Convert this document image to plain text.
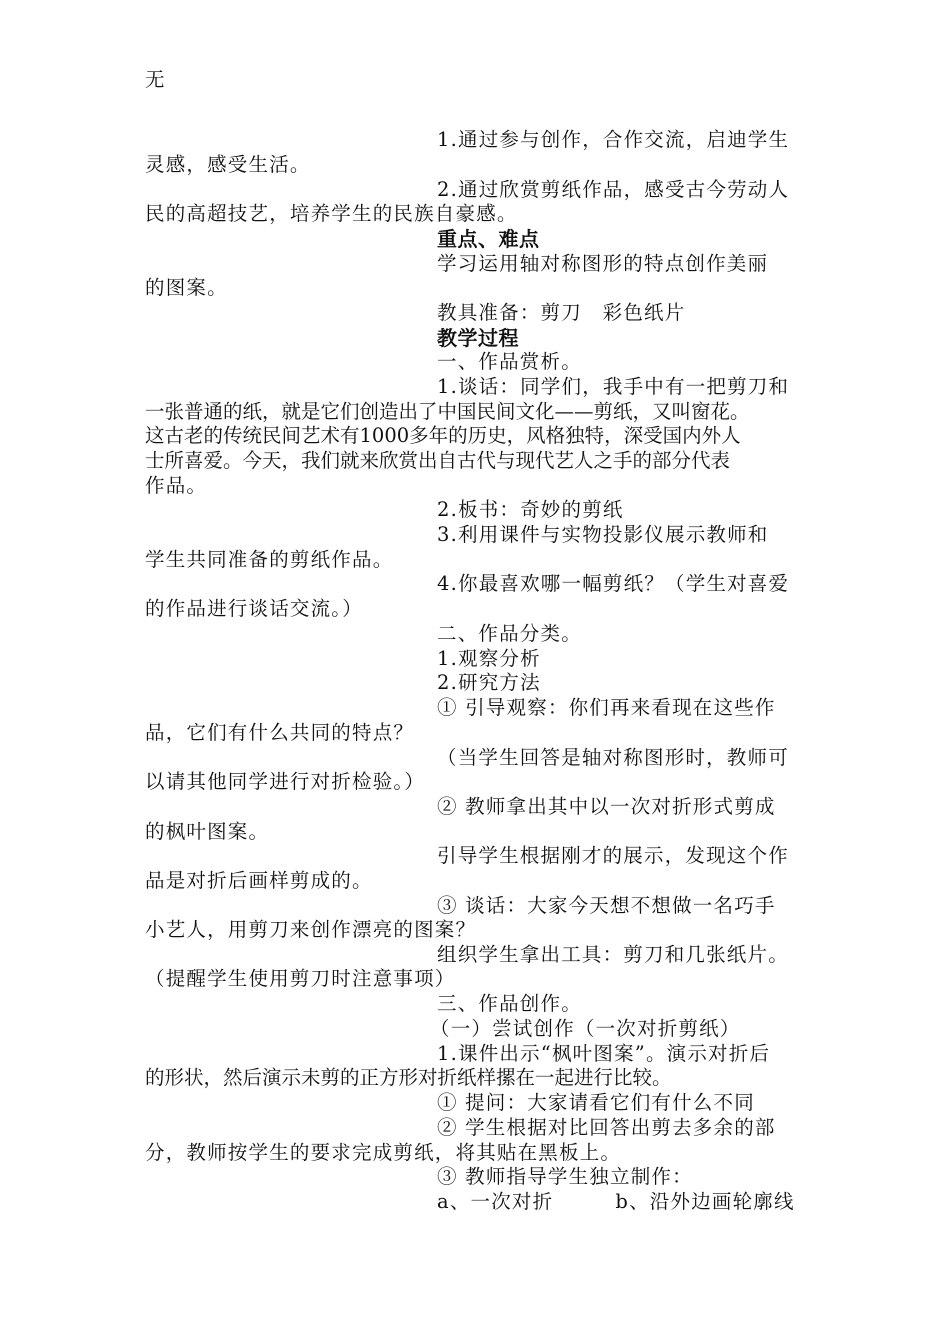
无
1.通过参与创作，合作交流，启迪学生
灵感，感受生活。
2.通过欣赏剪纸作品，感受古今劳动人
民的高超技艺，培养学生的民族自豪感。
重点、难点
学习运用轴对称图形的特点创作美丽
的图案。
教具准备：剪刀　彩色纸片
教学过程
一、作品赏析。
1.谈话：同学们，我手中有一把剪刀和
一张普通的纸，就是它们创造出了中国民间文化——剪纸，又叫窗花。
这古老的传统民间艺术有1000多年的历史，风格独特，深受国内外人
士所喜爱。今天，我们就来欣赏出自古代与现代艺人之手的部分代表
作品。
2.板书：奇妙的剪纸
3.利用课件与实物投影仪展示教师和
学生共同准备的剪纸作品。
4.你最喜欢哪一幅剪纸？（学生对喜爱
的作品进行谈话交流。）
二、作品分类。
1.观察分析
2.研究方法
① 引导观察：你们再来看现在这些作
品，它们有什么共同的特点？
（当学生回答是轴对称图形时，教师可
以请其他同学进行对折检验。）
② 教师拿出其中以一次对折形式剪成
的枫叶图案。
引导学生根据刚才的展示，发现这个作
品是对折后画样剪成的。
③ 谈话：大家今天想不想做一名巧手
小艺人，用剪刀来创作漂亮的图案？
组织学生拿出工具：剪刀和几张纸片。
（提醒学生使用剪刀时注意事项）
三、作品创作。
（一）尝试创作（一次对折剪纸）
1.课件出示“枫叶图案”。演示对折后
的形状，然后演示未剪的正方形对折纸样摞在一起进行比较。
① 提问：大家请看它们有什么不同
② 学生根据对比回答出剪去多余的部
分，教师按学生的要求完成剪纸，将其贴在黑板上。
③ 教师指导学生独立制作：
a、一次对折　　　b、沿外边画轮廓线
